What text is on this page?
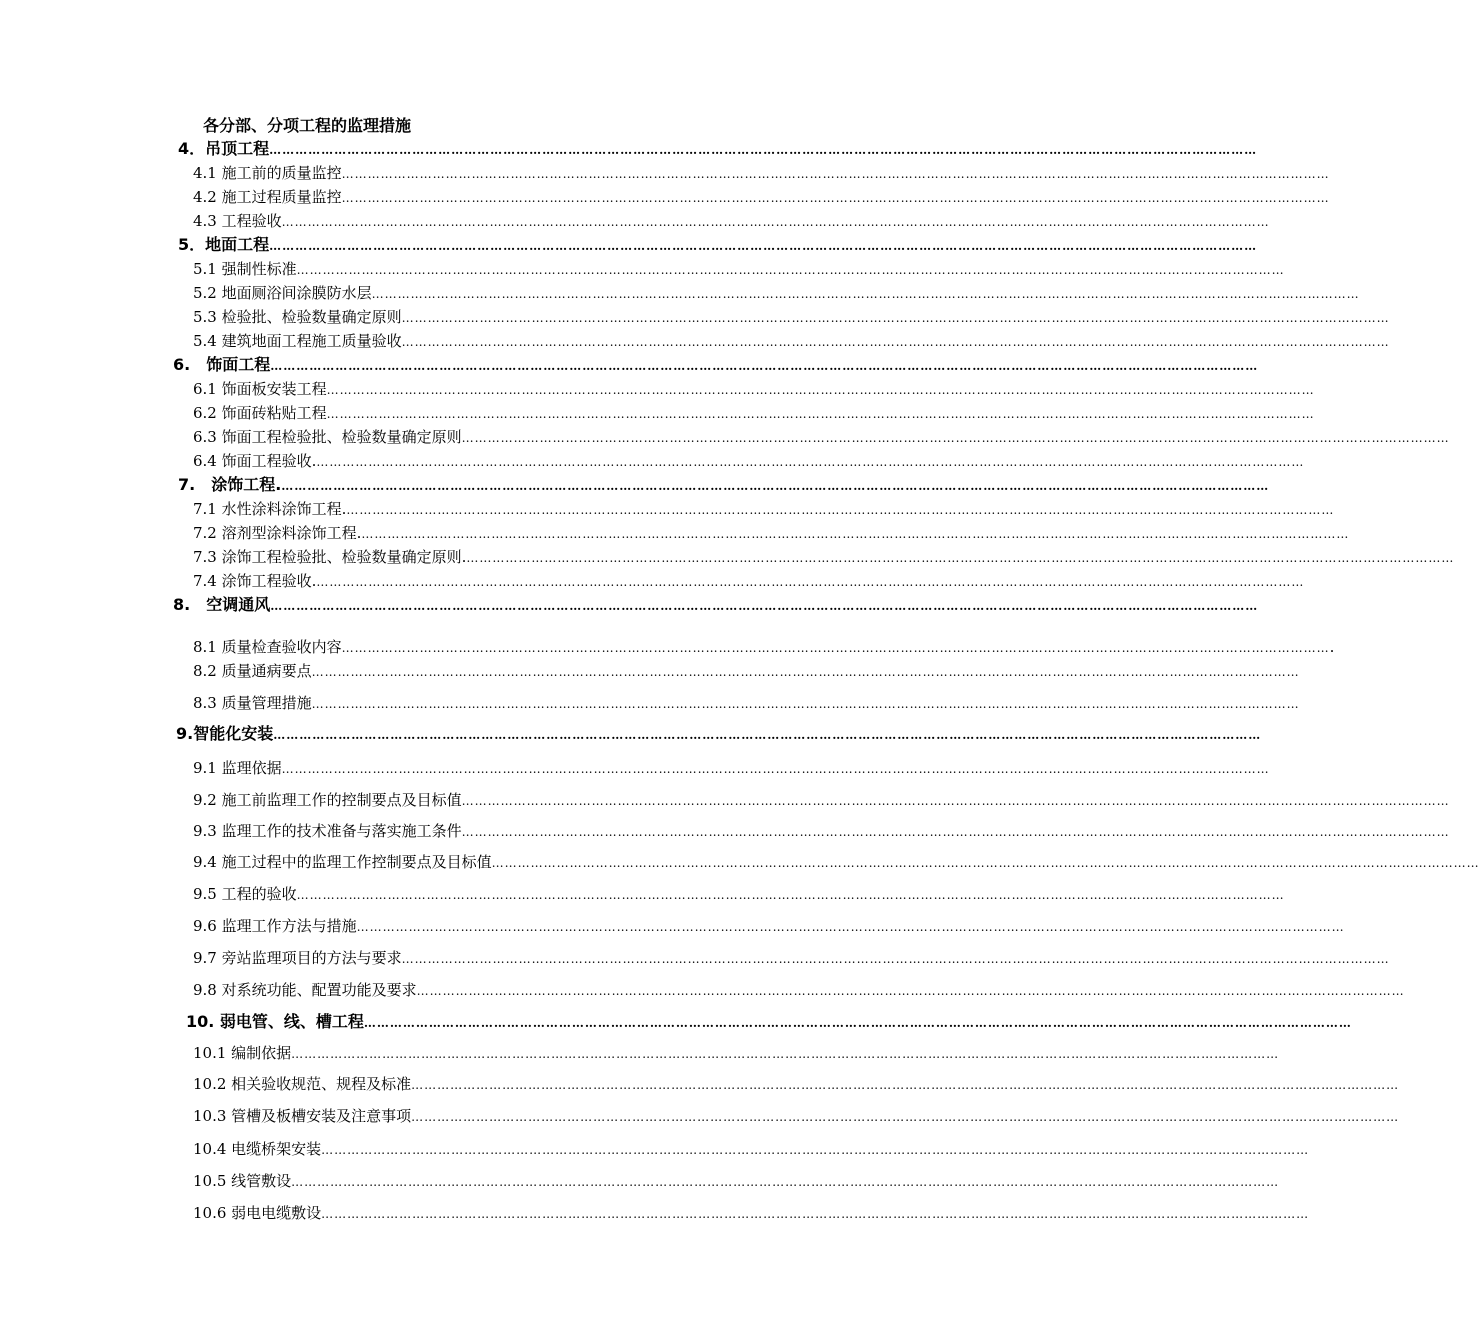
各分部、分项工程的监理措施
4．吊顶工程 …………………………………………………………………………………………………………………………………………………………………………………………………………
4.1 施工前的质量监控 …………………………………………………………………………………………………………………………………………………………………………………………………………
4.2 施工过程质量监控 …………………………………………………………………………………………………………………………………………………………………………………………………………
4.3 工程验收 …………………………………………………………………………………………………………………………………………………………………………………………………………
5．地面工程 …………………………………………………………………………………………………………………………………………………………………………………………………………
5.1 强制性标准 …………………………………………………………………………………………………………………………………………………………………………………………………………
5.2 地面厕浴间涂膜防水层 …………………………………………………………………………………………………………………………………………………………………………………………………………
5.3 检验批、检验数量确定原则 …………………………………………………………………………………………………………………………………………………………………………………………………………
5.4 建筑地面工程施工质量验收 …………………………………………………………………………………………………………………………………………………………………………………………………………
6.　饰面工程 …………………………………………………………………………………………………………………………………………………………………………………………………………
6.1 饰面板安装工程 …………………………………………………………………………………………………………………………………………………………………………………………………………
6.2 饰面砖粘贴工程 …………………………………………………………………………………………………………………………………………………………………………………………………………
6.3 饰面工程检验批、检验数量确定原则 …………………………………………………………………………………………………………………………………………………………………………………………………………
6.4 饰面工程验收. …………………………………………………………………………………………………………………………………………………………………………………………………………
7.　涂饰工程. …………………………………………………………………………………………………………………………………………………………………………………………………………
7.1 水性涂料涂饰工程. …………………………………………………………………………………………………………………………………………………………………………………………………………
7.2 溶剂型涂料涂饰工程. …………………………………………………………………………………………………………………………………………………………………………………………………………
7.3 涂饰工程检验批、检验数量确定原则. …………………………………………………………………………………………………………………………………………………………………………………………………………
7.4 涂饰工程验收. …………………………………………………………………………………………………………………………………………………………………………………………………………
8.　空调通风 …………………………………………………………………………………………………………………………………………………………………………………………………………
8.1 质量检查验收内容 ………………………………………………………………………………………………………………………………………………………………………………………………………… .
8.2 质量通病要点 …………………………………………………………………………………………………………………………………………………………………………………………………………
8.3 质量管理措施 …………………………………………………………………………………………………………………………………………………………………………………………………………
9.智能化安装 …………………………………………………………………………………………………………………………………………………………………………………………………………
9.1 监理依据 …………………………………………………………………………………………………………………………………………………………………………………………………………
9.2 施工前监理工作的控制要点及目标值 …………………………………………………………………………………………………………………………………………………………………………………………………………
9.3 监理工作的技术准备与落实施工条件 …………………………………………………………………………………………………………………………………………………………………………………………………………
9.4 施工过程中的监理工作控制要点及目标值 …………………………………………………………………………………………………………………………………………………………………………………………………………
9.5 工程的验收 …………………………………………………………………………………………………………………………………………………………………………………………………………
9.6 监理工作方法与措施 …………………………………………………………………………………………………………………………………………………………………………………………………………
9.7 旁站监理项目的方法与要求 …………………………………………………………………………………………………………………………………………………………………………………………………………
9.8 对系统功能、配置功能及要求 …………………………………………………………………………………………………………………………………………………………………………………………………………
10. 弱电管、线、槽工程 …………………………………………………………………………………………………………………………………………………………………………………………………………
10.1 编制依据 …………………………………………………………………………………………………………………………………………………………………………………………………………
10.2 相关验收规范、规程及标准 …………………………………………………………………………………………………………………………………………………………………………………………………………
10.3 管槽及板槽安装及注意事项 …………………………………………………………………………………………………………………………………………………………………………………………………………
10.4 电缆桥架安装 …………………………………………………………………………………………………………………………………………………………………………………………………………
10.5 线管敷设 …………………………………………………………………………………………………………………………………………………………………………………………………………
10.6 弱电电缆敷设 …………………………………………………………………………………………………………………………………………………………………………………………………………
